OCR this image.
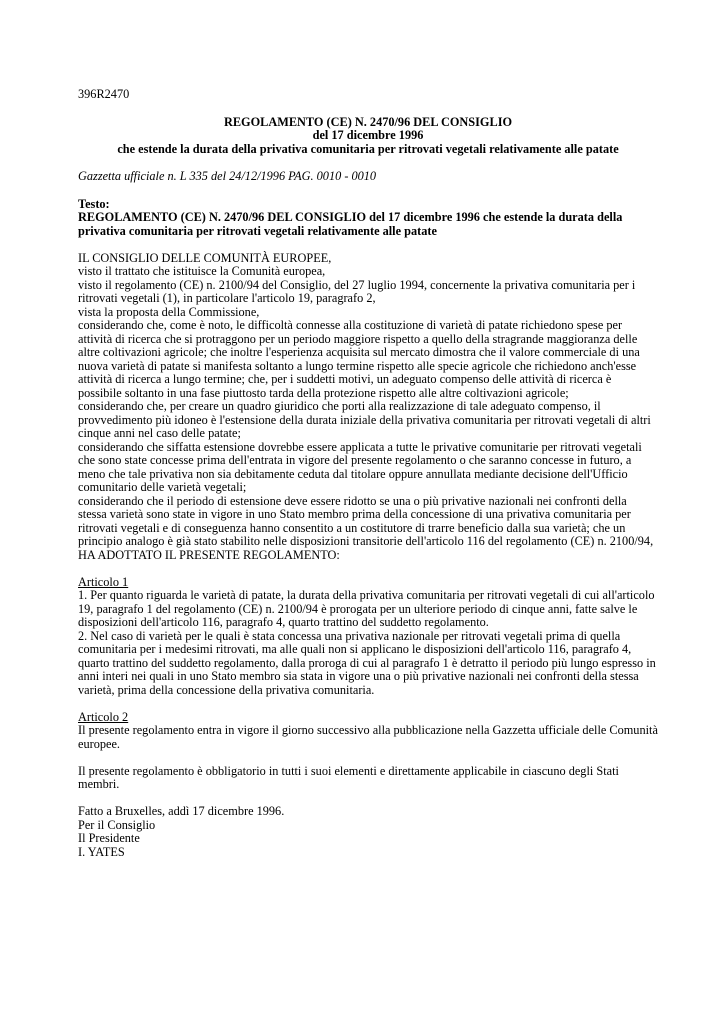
396R2470

REGOLAMENTO (CE) N. 2470/96 DEL CONSIGLIO

del 17 dicembre 1996

che estende la durata della privativa comunitaria per ritrovati vegetali relativamente alle patate

Gazzetta ufficiale n. L 335 del 24/12/1996 PAG. 0010 - 0010

Testo:

REGOLAMENTO (CE) N. 2470/96 DEL CONSIGLIO del 17 dicembre 1996 che estende la durata della privativa comunitaria per ritrovati vegetali relativamente alle patate

IL CONSIGLIO DELLE COMUNITÀ EUROPEE,

visto il trattato che istituisce la Comunità europea,

visto il regolamento (CE) n. 2100/94 del Consiglio, del 27 luglio 1994, concernente la privativa comunitaria per i ritrovati vegetali (1), in particolare l'articolo 19, paragrafo 2,

vista la proposta della Commissione,

considerando che, come è noto, le difficoltà connesse alla costituzione di varietà di patate richiedono spese per attività di ricerca che si protraggono per un periodo maggiore rispetto a quello della stragrande maggioranza delle altre coltivazioni agricole; che inoltre l'esperienza acquisita sul mercato dimostra che il valore commerciale di una nuova varietà di patate si manifesta soltanto a lungo termine rispetto alle specie agricole che richiedono anch'esse attività di ricerca a lungo termine; che, per i suddetti motivi, un adeguato compenso delle attività di ricerca è possibile soltanto in una fase piuttosto tarda della protezione rispetto alle altre coltivazioni agricole;

considerando che, per creare un quadro giuridico che porti alla realizzazione di tale adeguato compenso, il provvedimento più idoneo è l'estensione della durata iniziale della privativa comunitaria per ritrovati vegetali di altri cinque anni nel caso delle patate;

considerando che siffatta estensione dovrebbe essere applicata a tutte le privative comunitarie per ritrovati vegetali che sono state concesse prima dell'entrata in vigore del presente regolamento o che saranno concesse in futuro, a meno che tale privativa non sia debitamente ceduta dal titolare oppure annullata mediante decisione dell'Ufficio comunitario delle varietà vegetali;

considerando che il periodo di estensione deve essere ridotto se una o più privative nazionali nei confronti della stessa varietà sono state in vigore in uno Stato membro prima della concessione di una privativa comunitaria per ritrovati vegetali e di conseguenza hanno consentito a un costitutore di trarre beneficio dalla sua varietà; che un principio analogo è già stato stabilito nelle disposizioni transitorie dell'articolo 116 del regolamento (CE) n. 2100/94,

HA ADOTTATO IL PRESENTE REGOLAMENTO:

Articolo 1

1. Per quanto riguarda le varietà di patate, la durata della privativa comunitaria per ritrovati vegetali di cui all'articolo 19, paragrafo 1 del regolamento (CE) n. 2100/94 è prorogata per un ulteriore periodo di cinque anni, fatte salve le disposizioni dell'articolo 116, paragrafo 4, quarto trattino del suddetto regolamento.

2. Nel caso di varietà per le quali è stata concessa una privativa nazionale per ritrovati vegetali prima di quella comunitaria per i medesimi ritrovati, ma alle quali non si applicano le disposizioni dell'articolo 116, paragrafo 4, quarto trattino del suddetto regolamento, dalla proroga di cui al paragrafo 1 è detratto il periodo più lungo espresso in anni interi nei quali in uno Stato membro sia stata in vigore una o più privative nazionali nei confronti della stessa varietà, prima della concessione della privativa comunitaria.

Articolo 2

Il presente regolamento entra in vigore il giorno successivo alla pubblicazione nella Gazzetta ufficiale delle Comunità europee.

Il presente regolamento è obbligatorio in tutti i suoi elementi e direttamente applicabile in ciascuno degli Stati membri.

Fatto a Bruxelles, addì 17 dicembre 1996.

Per il Consiglio

Il Presidente

I. YATES
